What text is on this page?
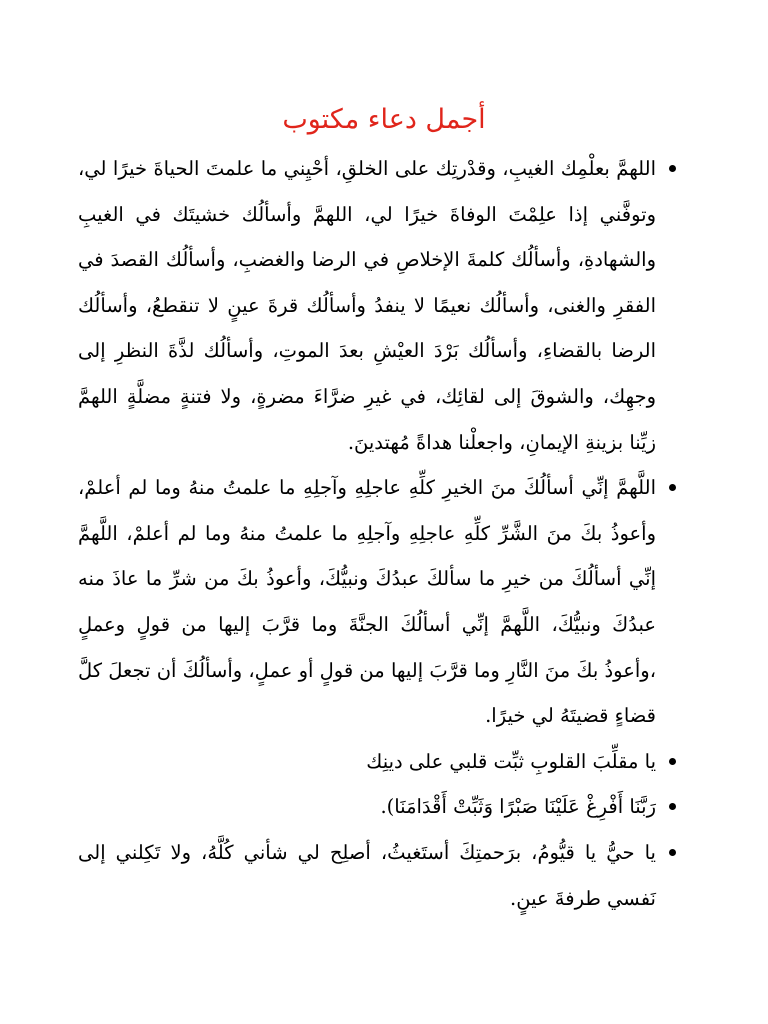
أجمل دعاء مكتوب
اللهمَّ بعلْمِك الغيبِ، وقدْرتِك على الخلقِ، أحْيِني ما علمتَ الحياةَ خيرًا لي، وتوفَّني إذا علِمْتَ الوفاةَ خيرًا لي، اللهمَّ وأسألُك خشيتَك في الغيبِ والشهادةِ، وأسألُك كلمةَ الإخلاصِ في الرضا والغضبِ، وأسألُك القصدَ في الفقرِ والغنى، وأسألُك نعيمًا لا ينفدُ وأسألُك قرةَ عينٍ لا تنقطعُ، وأسألُك الرضا بالقضاءِ، وأسألُك بَرْدَ العيْشِ بعدَ الموتِ، وأسألُك لذَّةَ النظرِ إلى وجهِك، والشوقَ إلى لقائِك، في غيرِ ضرَّاءَ مضرةٍ، ولا فتنةٍ مضلَّةٍ اللهمَّ زيِّنا بزينةِ الإيمانِ، واجعلْنا هداةً مُهتدينَ.
اللَّهمَّ إنِّي أسألُكَ منَ الخيرِ كلِّهِ عاجلِهِ وآجلِهِ ما علمتُ منهُ وما لم أعلمْ، وأعوذُ بكَ منَ الشَّرِّ كلِّهِ عاجلِهِ وآجلِهِ ما علمتُ منهُ وما لم أعلمْ، اللَّهمَّ إنِّي أسألُكَ من خيرِ ما سألكَ عبدُكَ ونبيُّكَ، وأعوذُ بكَ من شرِّ ما عاذَ منه عبدُكَ ونبيُّكَ، اللَّهمَّ إنِّي أسألُكَ الجنَّةَ وما قرَّبَ إليها من قولٍ وعملٍ ،وأعوذُ بكَ منَ النَّارِ وما قرَّبَ إليها من قولٍ أو عملٍ، وأسألُكَ أن تجعلَ كلَّ قضاءٍ قضيتَهُ لي خيرًا.
يا مقلِّبَ القلوبِ ثبِّت قلبي على دينِك
رَبَّنَا أَفْرِغْ عَلَيْنَا صَبْرًا وَثَبِّتْ أَقْدَامَنَا).
يا حيُّ يا قيُّومُ، برَحمتِكَ أستَغيثُ، أصلِح لي شأني كُلَّهُ، ولا تَكِلني إلى نَفسي طرفةَ عينٍ.
